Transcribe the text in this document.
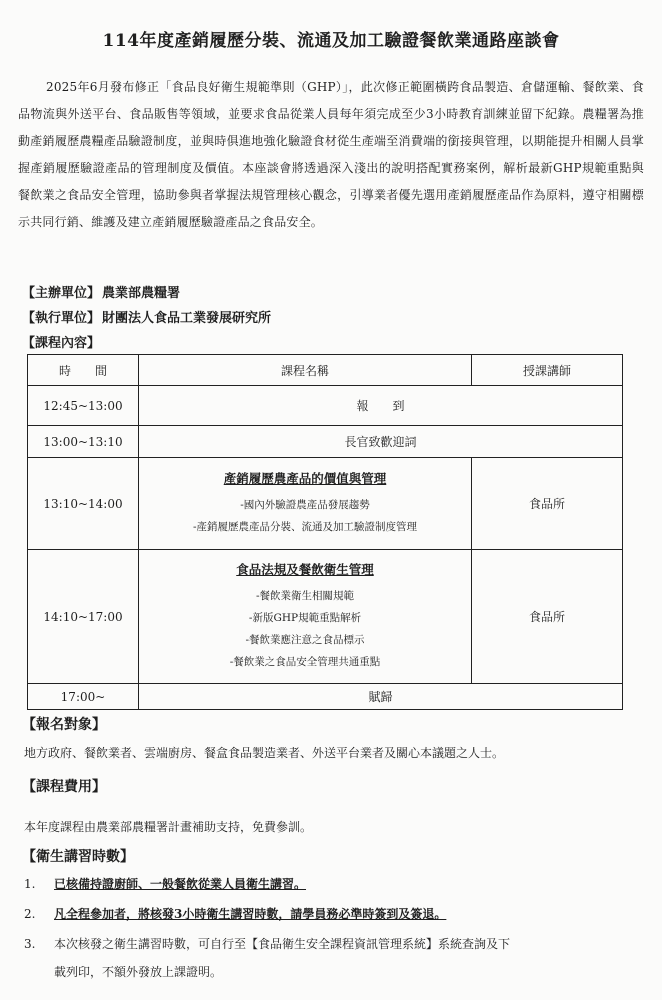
114年度產銷履歷分裝、流通及加工驗證餐飲業通路座談會
2025年6月發布修正「食品良好衛生規範準則（GHP）」，此次修正範圍橫跨食品製造、倉儲運輸、餐飲業、食品物流與外送平台、食品販售等領域，並要求食品從業人員每年須完成至少3小時教育訓練並留下紀錄。農糧署為推動產銷履歷農糧產品驗證制度，並與時俱進地強化驗證食材從生產端至消費端的銜接與管理，以期能提升相關人員掌握產銷履歷驗證產品的管理制度及價值。本座談會將透過深入淺出的說明搭配實務案例，解析最新GHP規範重點與餐飲業之食品安全管理，協助參與者掌握法規管理核心觀念，引導業者優先選用產銷履歷產品作為原料，遵守相關標示共同行銷、維護及建立產銷履歷驗證產品之食品安全。
【主辦單位】 農業部農糧署
【執行單位】 財團法人食品工業發展研究所
【課程內容】
時　　間	課程名稱	授課講師
12:45~13:00	報　　到	
13:00~13:10	長官致歡迎詞	
13:10~14:00	產銷履歷農產品的價值與管理
-國內外驗證農產品發展趨勢
-產銷履歷農產品分裝、流通及加工驗證制度管理	食品所
14:10~17:00	食品法規及餐飲衛生管理
-餐飲業衛生相關規範
-新版GHP規範重點解析
-餐飲業應注意之食品標示
-餐飲業之食品安全管理共通重點	食品所
17:00~	賦歸	
【報名對象】
地方政府、餐飲業者、雲端廚房、餐盒食品製造業者、外送平台業者及關心本議題之人士。
【課程費用】
本年度課程由農業部農糧署計畫補助支持，免費參訓。
【衛生講習時數】
1. 已核備持證廚師、一般餐飲從業人員衛生講習。
2. 凡全程參加者，將核發3小時衛生講習時數，請學員務必準時簽到及簽退。
3. 本次核發之衛生講習時數，可自行至【食品衛生安全課程資訊管理系統】系統查詢及下
載列印，不額外發放上課證明。
